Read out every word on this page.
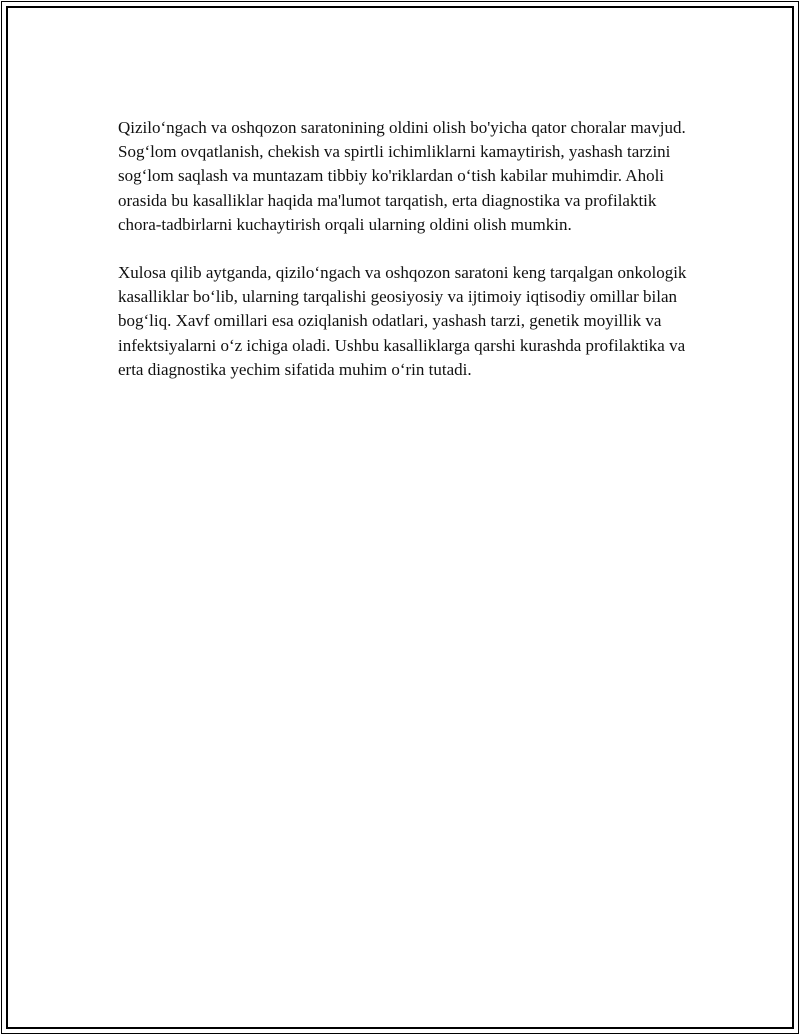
Qizilo‘ngach va oshqozon saratonining oldini olish bo'yicha qator choralar mavjud. Sog‘lom ovqatlanish, chekish va spirtli ichimliklarni kamaytirish, yashash tarzini sog‘lom saqlash va muntazam tibbiy ko'riklardan o‘tish kabilar muhimdir. Aholi orasida bu kasalliklar haqida ma'lumot tarqatish, erta diagnostika va profilaktik chora-tadbirlarni kuchaytirish orqali ularning oldini olish mumkin.

Xulosa qilib aytganda, qizilo‘ngach va oshqozon saratoni keng tarqalgan onkologik kasalliklar bo‘lib, ularning tarqalishi geosiyosiy va ijtimoiy iqtisodiy omillar bilan bog‘liq. Xavf omillari esa oziqlanish odatlari, yashash tarzi, genetik moyillik va infektsiyalarni o‘z ichiga oladi. Ushbu kasalliklarga qarshi kurashda profilaktika va erta diagnostika yechim sifatida muhim o‘rin tutadi.
